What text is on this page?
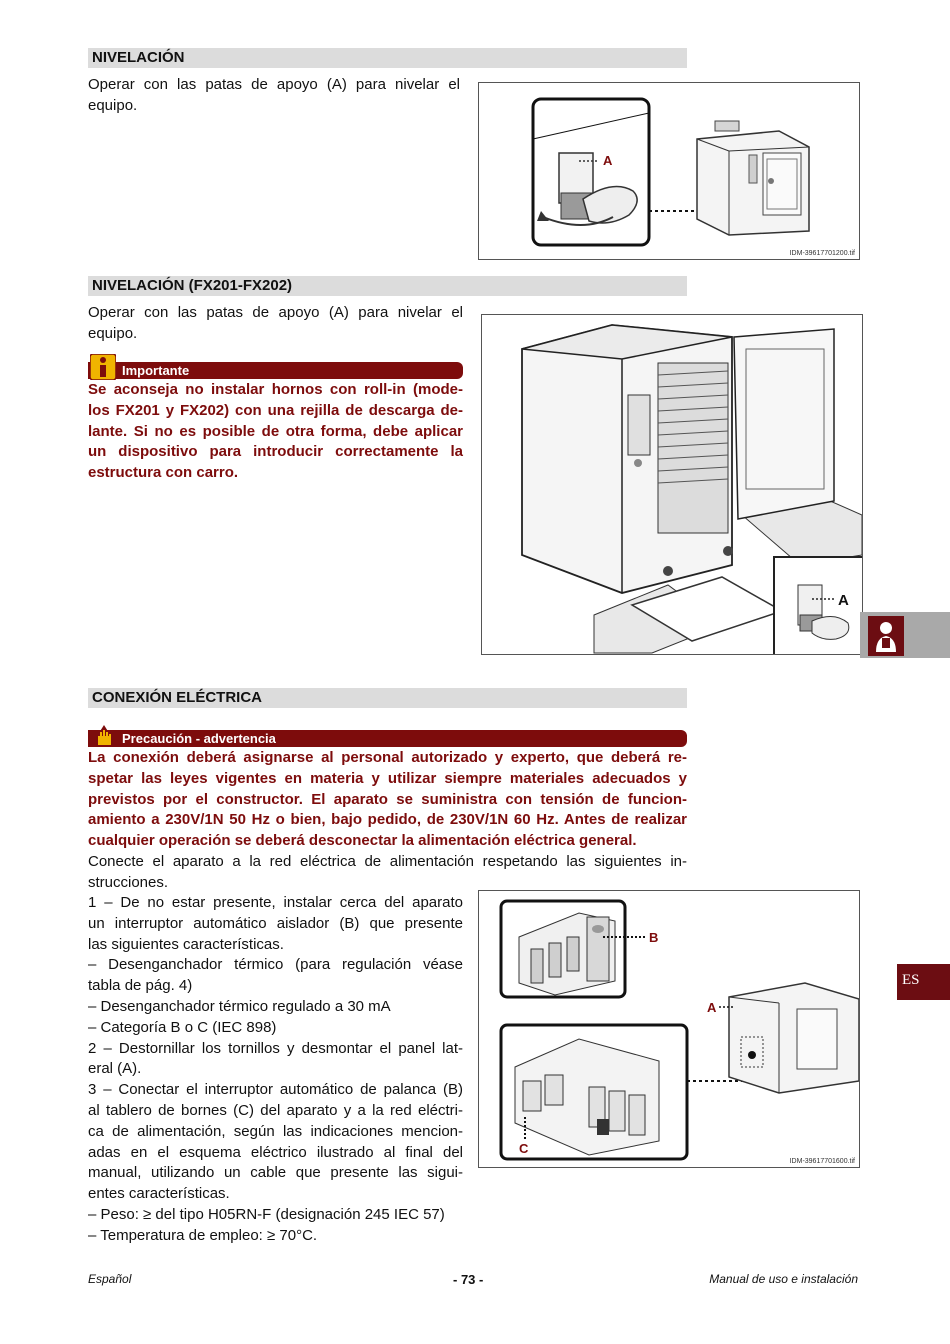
NIVELACIÓN
Operar con las patas de apoyo (A) para nivelar el
equipo.
A
IDM-39617701200.tif
NIVELACIÓN (FX201-FX202)
Operar con las patas de apoyo (A) para nivelar el
equipo.
Importante
Se aconseja no instalar hornos con roll-in (mode-
los FX201 y FX202) con una rejilla de descarga de-
lante. Si no es posible de otra forma, debe aplicar
un dispositivo para introducir correctamente la
estructura con carro.
A
CONEXIÓN ELÉCTRICA
Precaución - advertencia
La conexión deberá asignarse al personal autorizado y experto, que deberá re-
spetar las leyes vigentes en materia y utilizar siempre materiales adecuados y
previstos por el constructor. El aparato se suministra con tensión de funcion-
amiento a 230V/1N 50 Hz o bien, bajo pedido, de 230V/1N 60 Hz. Antes de realizar
cualquier operación se deberá desconectar la alimentación eléctrica general.
Conecte el aparato a la red eléctrica de alimentación respetando las siguientes in-
strucciones.
1 – De no estar presente, instalar cerca del aparato
un interruptor automático aislador (B) que presente
las siguientes características.
– Desenganchador térmico (para regulación véase
tabla de pág. 4)
– Desenganchador térmico regulado a 30 mA
– Categoría B o C (IEC 898)
2 – Destornillar los tornillos y desmontar el panel lat-
eral (A).
3 – Conectar el interruptor automático de palanca (B)
al tablero de bornes (C) del aparato y a la red eléctri-
ca de alimentación, según las indicaciones mencion-
adas en el esquema eléctrico ilustrado al final del
manual, utilizando un cable que presente las sigui-
entes características.
– Peso: ≥ del tipo H05RN-F (designación 245 IEC 57)
– Temperatura de empleo: ≥ 70°C.
B
C
A
IDM-39617701600.tif
ES
Español	- 73 -	Manual de uso e instalación
